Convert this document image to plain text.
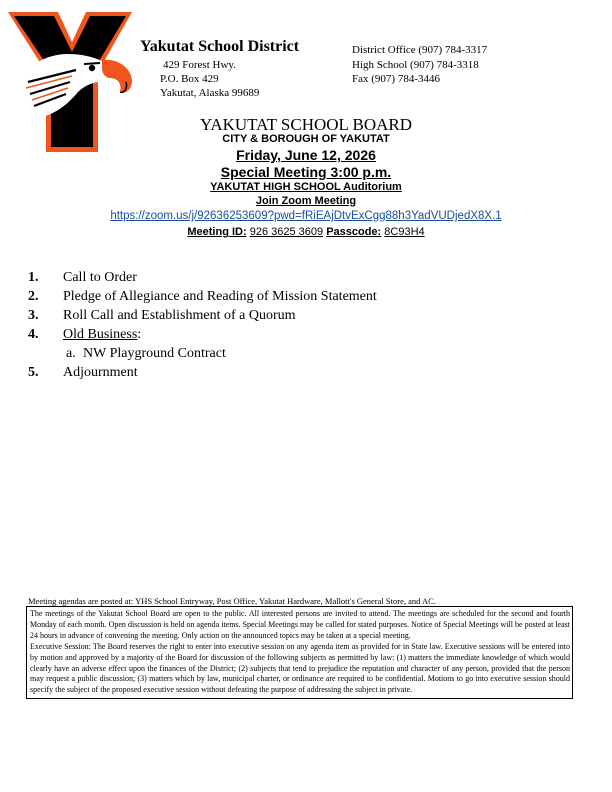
Yakutat School District
429 Forest Hwy.
P.O. Box 429
Yakutat, Alaska 99689
District Office (907) 784-3317
High School (907) 784-3318
Fax (907) 784-3446
YAKUTAT SCHOOL BOARD
CITY & BOROUGH OF YAKUTAT
Friday, June 12, 2026
Special Meeting 3:00 p.m.
YAKUTAT HIGH SCHOOL Auditorium
Join Zoom Meeting
https://zoom.us/j/92636253609?pwd=fRiEAjDtvExCgg88h3YadVUDjedX8X.1
Meeting ID: 926 3625 3609 Passcode: 8C93H4
1.	Call to Order
2.	Pledge of Allegiance and Reading of Mission Statement
3.	Roll Call and Establishment of a Quorum
4.	Old Business:
a. NW Playground Contract
5.	Adjournment
Meeting agendas are posted at: YHS School Entryway, Post Office, Yakutat Hardware, Mallott's General Store, and AC.

The meetings of the Yakutat School Board are open to the public. All interested persons are invited to attend. The meetings are scheduled for the second and fourth Monday of each month. Open discussion is held on agenda items. Special Meetings may be called for stated purposes. Notice of Special Meetings will be posted at least 24 hours in advance of convening the meeting. Only action on the announced topics may be taken at a special meeting.

Executive Session: The Board reserves the right to enter into executive session on any agenda item as provided for in State law. Executive sessions will be entered into by motion and approved by a majority of the Board for discussion of the following subjects as permitted by law: (1) matters the immediate knowledge of which would clearly have an adverse effect upon the finances of the District; (2) subjects that tend to prejudice the reputation and character of any person, provided that the person may request a public discussion; (3) matters which by law, municipal charter, or ordinance are required to be confidential. Motions to go into executive session should specify the subject of the proposed executive session without defeating the purpose of addressing the subject in private.
